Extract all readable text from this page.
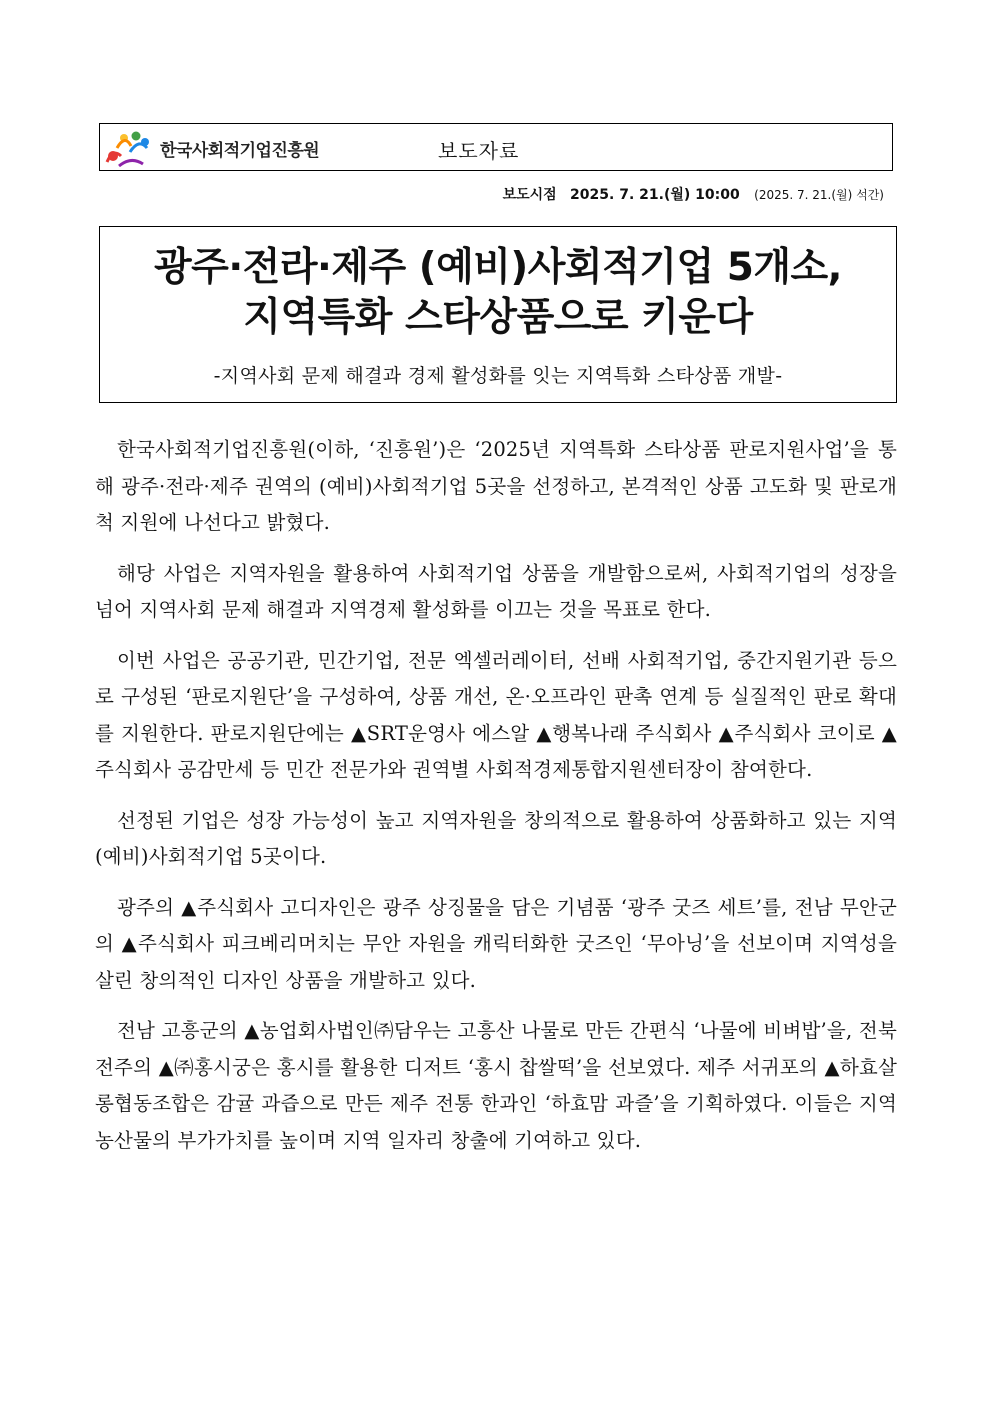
한국사회적기업진흥원	보도자료
보도시점 2025. 7. 21.(월) 10:00 (2025. 7. 21.(월) 석간)
광주·전라·제주 (예비)사회적기업 5개소,
지역특화 스타상품으로 키운다
-지역사회 문제 해결과 경제 활성화를 잇는 지역특화 스타상품 개발-

한국사회적기업진흥원(이하, ‘진흥원’)은 ‘2025년 지역특화 스타상품 판로지원사업’을 통해 광주·전라·제주 권역의 (예비)사회적기업 5곳을 선정하고, 본격적인 상품 고도화 및 판로개척 지원에 나선다고 밝혔다.

해당 사업은 지역자원을 활용하여 사회적기업 상품을 개발함으로써, 사회적기업의 성장을 넘어 지역사회 문제 해결과 지역경제 활성화를 이끄는 것을 목표로 한다.

이번 사업은 공공기관, 민간기업, 전문 엑셀러레이터, 선배 사회적기업, 중간지원기관 등으로 구성된 ‘판로지원단’을 구성하여, 상품 개선, 온·오프라인 판촉 연계 등 실질적인 판로 확대를 지원한다. 판로지원단에는 ▲SRT운영사 에스알 ▲행복나래 주식회사 ▲주식회사 코이로 ▲주식회사 공감만세 등 민간 전문가와 권역별 사회적경제통합지원센터장이 참여한다.

선정된 기업은 성장 가능성이 높고 지역자원을 창의적으로 활용하여 상품화하고 있는 지역 (예비)사회적기업 5곳이다.

광주의 ▲주식회사 고디자인은 광주 상징물을 담은 기념품 ‘광주 굿즈 세트’를, 전남 무안군의 ▲주식회사 피크베리머치는 무안 자원을 캐릭터화한 굿즈인 ‘무아닝’을 선보이며 지역성을 살린 창의적인 디자인 상품을 개발하고 있다.

전남 고흥군의 ▲농업회사법인㈜담우는 고흥산 나물로 만든 간편식 ‘나물에 비벼밥’을, 전북 전주의 ▲㈜홍시궁은 홍시를 활용한 디저트 ‘홍시 찹쌀떡’을 선보였다. 제주 서귀포의 ▲하효살롱협동조합은 감귤 과즙으로 만든 제주 전통 한과인 ‘하효맘 과즐’을 기획하였다. 이들은 지역 농산물의 부가가치를 높이며 지역 일자리 창출에 기여하고 있다.
